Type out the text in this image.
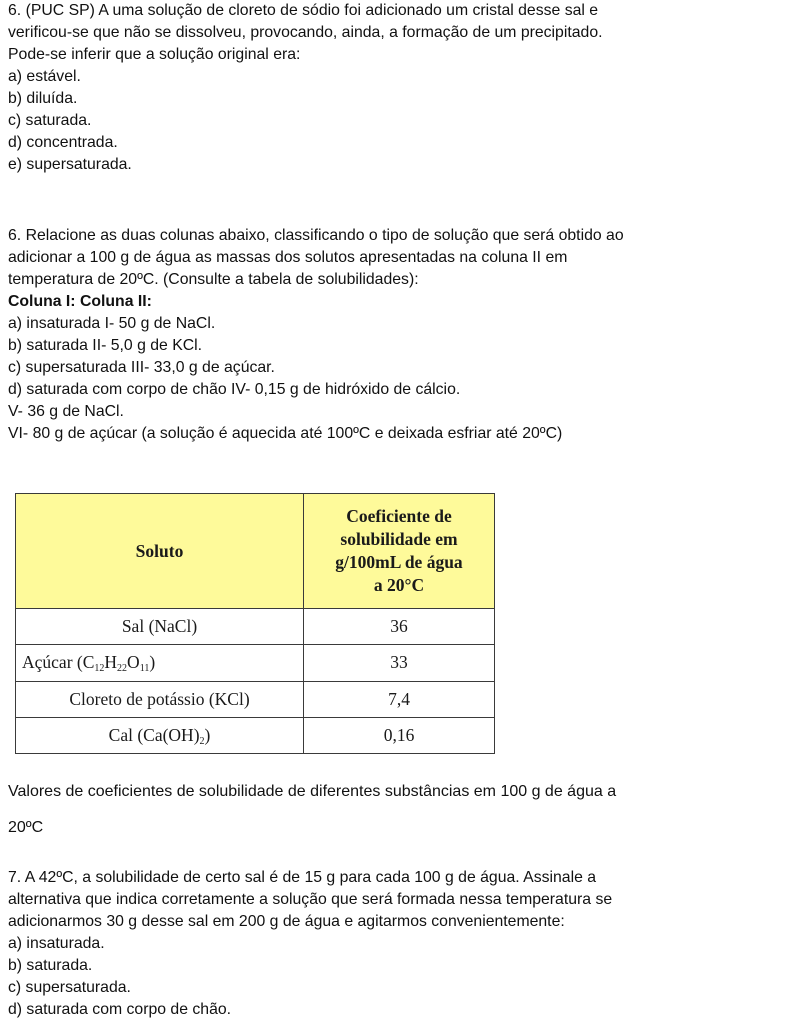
6. (PUC SP) A uma solução de cloreto de sódio foi adicionado um cristal desse sal e
verificou-se que não se dissolveu, provocando, ainda, a formação de um precipitado.
Pode-se inferir que a solução original era:
a) estável.
b) diluída.
c) saturada.
d) concentrada.
e) supersaturada.
6. Relacione as duas colunas abaixo, classificando o tipo de solução que será obtido ao
adicionar a 100 g de água as massas dos solutos apresentadas na coluna II em
temperatura de 20ºC. (Consulte a tabela de solubilidades):
Coluna I: Coluna II:
a) insaturada I- 50 g de NaCl.
b) saturada II- 5,0 g de KCl.
c) supersaturada III- 33,0 g de açúcar.
d) saturada com corpo de chão IV- 0,15 g de hidróxido de cálcio.
V- 36 g de NaCl.
VI- 80 g de açúcar (a solução é aquecida até 100ºC e deixada esfriar até 20ºC)
Soluto	Coeficiente de
solubilidade em
g/100mL de água
a 20°C

Sal (NaCl)	36
Açúcar $(C_{12}H_{22}O_{11})$	33
Cloreto de potássio (KCl)	7,4
Cal $(Ca(OH)_2)$	0,16
Valores de coeficientes de solubilidade de diferentes substâncias em 100 g de água a
20ºC
7. A 42ºC, a solubilidade de certo sal é de 15 g para cada 100 g de água. Assinale a
alternativa que indica corretamente a solução que será formada nessa temperatura se
adicionarmos 30 g desse sal em 200 g de água e agitarmos convenientemente:
a) insaturada.
b) saturada.
c) supersaturada.
d) saturada com corpo de chão.
